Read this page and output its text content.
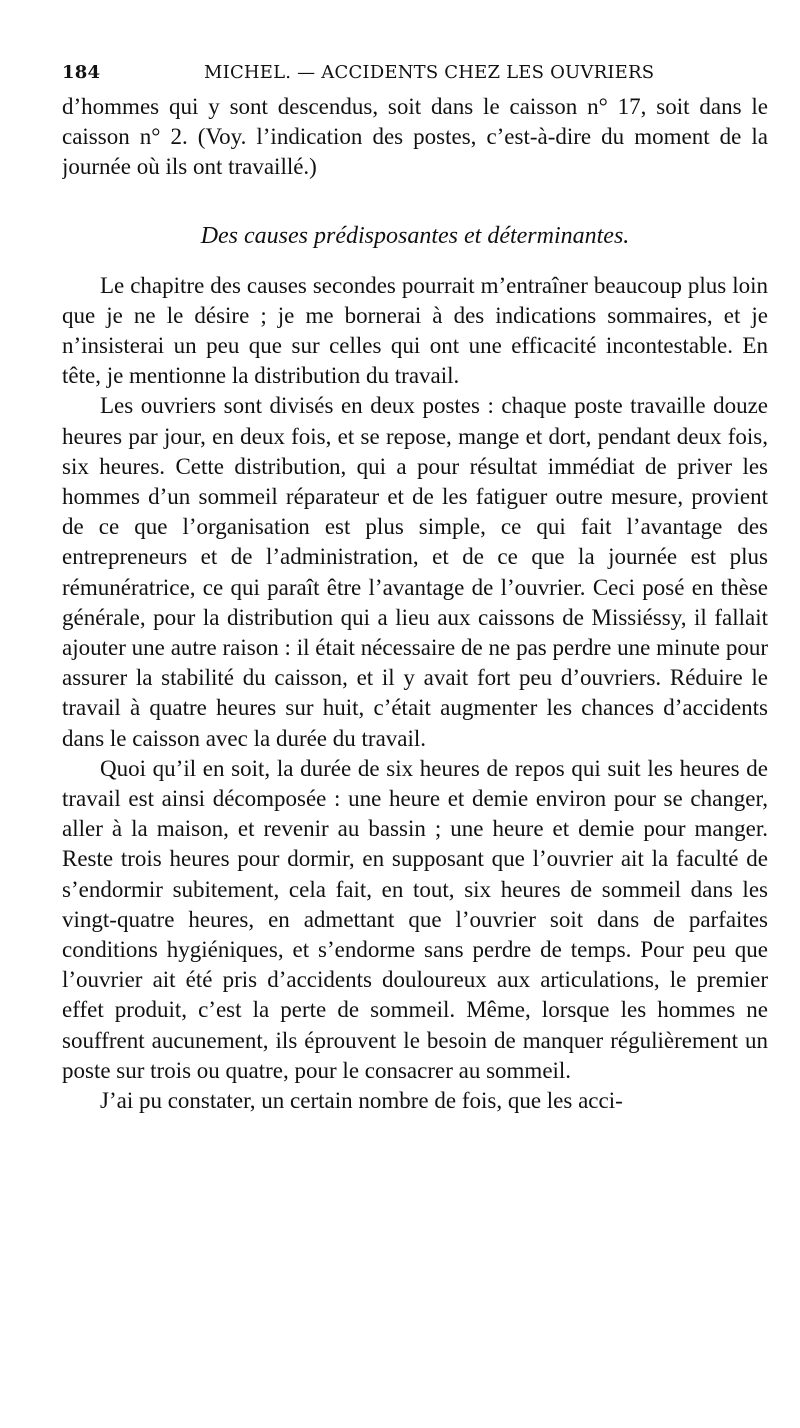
184	MICHEL. — ACCIDENTS CHEZ LES OUVRIERS

d’hommes qui y sont descendus, soit dans le caisson n° 17, soit dans le caisson n° 2. (Voy. l’indication des postes, c’est-à-dire du moment de la journée où ils ont travaillé.)

Des causes prédisposantes et déterminantes.

Le chapitre des causes secondes pourrait m’entraîner beaucoup plus loin que je ne le désire ; je me bornerai à des indications sommaires, et je n’insisterai un peu que sur celles qui ont une efficacité incontestable. En tête, je mentionne la distribution du travail.

Les ouvriers sont divisés en deux postes : chaque poste travaille douze heures par jour, en deux fois, et se repose, mange et dort, pendant deux fois, six heures. Cette distribution, qui a pour résultat immédiat de priver les hommes d’un sommeil réparateur et de les fatiguer outre mesure, provient de ce que l’organisation est plus simple, ce qui fait l’avantage des entrepreneurs et de l’administration, et de ce que la journée est plus rémunératrice, ce qui paraît être l’avantage de l’ouvrier. Ceci posé en thèse générale, pour la distribution qui a lieu aux caissons de Missiéssy, il fallait ajouter une autre raison : il était nécessaire de ne pas perdre une minute pour assurer la stabilité du caisson, et il y avait fort peu d’ouvriers. Réduire le travail à quatre heures sur huit, c’était augmenter les chances d’accidents dans le caisson avec la durée du travail.

Quoi qu’il en soit, la durée de six heures de repos qui suit les heures de travail est ainsi décomposée : une heure et demie environ pour se changer, aller à la maison, et revenir au bassin ; une heure et demie pour manger. Reste trois heures pour dormir, en supposant que l’ouvrier ait la faculté de s’endormir subitement, cela fait, en tout, six heures de sommeil dans les vingt-quatre heures, en admettant que l’ouvrier soit dans de parfaites conditions hygiéniques, et s’endorme sans perdre de temps. Pour peu que l’ouvrier ait été pris d’accidents douloureux aux articulations, le premier effet produit, c’est la perte de sommeil. Même, lorsque les hommes ne souffrent aucunement, ils éprouvent le besoin de manquer régulièrement un poste sur trois ou quatre, pour le consacrer au sommeil.

J’ai pu constater, un certain nombre de fois, que les acci-
